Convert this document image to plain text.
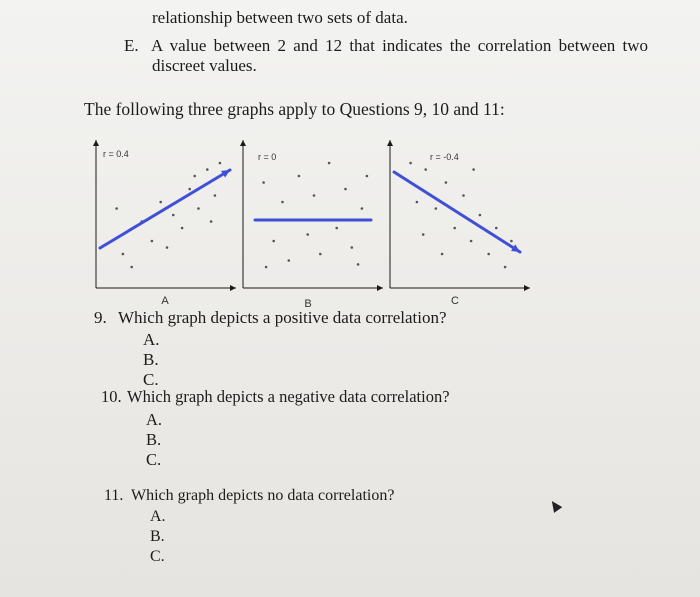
relationship between two sets of data.
E. A value between 2 and 12 that indicates the correlation between two
discreet values.
The following three graphs apply to Questions 9, 10 and 11:
r = 0.4
A
r = 0
B
r = -0.4
C
9. Which graph depicts a positive data correlation?
A.
B.
C.
10. Which graph depicts a negative data correlation?
A.
B.
C.
11. Which graph depicts no data correlation?
A.
B.
C.
